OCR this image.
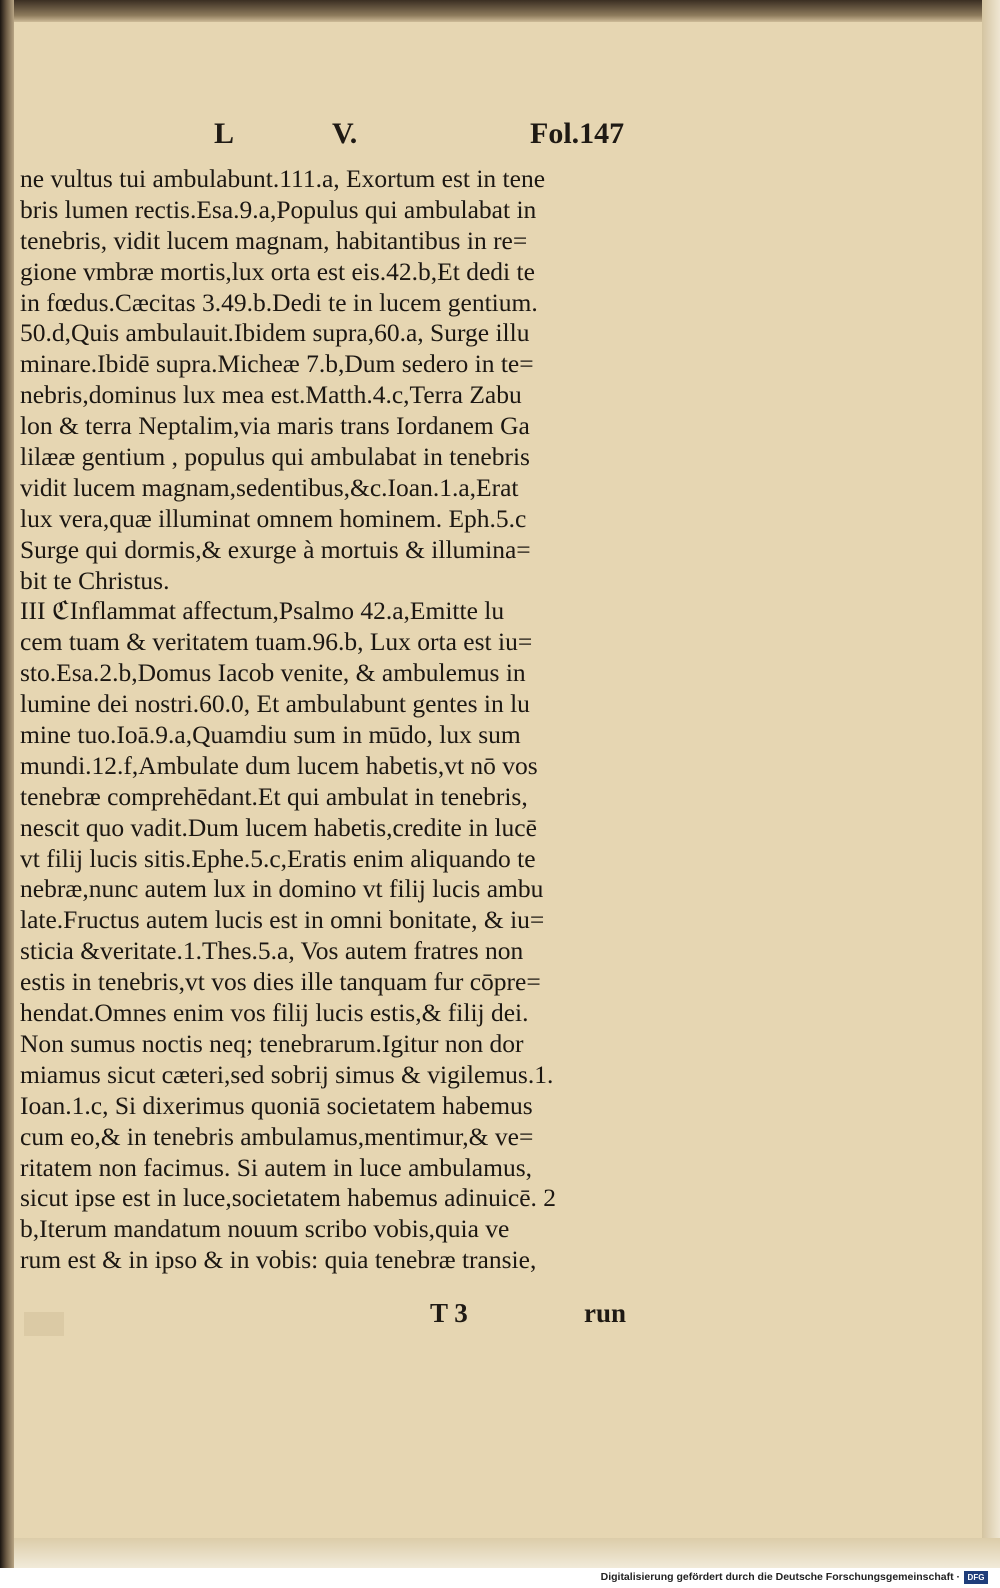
L	V.	Fol.147
ne vultus tui ambulabunt.111.a, Exortum est in tene
bris lumen rectis.Esa.9.a,Populus qui ambulabat in
tenebris, vidit lucem magnam, habitantibus in re=
gione vmbræ mortis,lux orta est eis.42.b,Et dedi te
in fœdus.Cæcitas 3.49.b.Dedi te in lucem gentium.
50.d,Quis ambulauit.Ibidem supra,60.a, Surge illu
minare.Ibidē supra.Micheæ 7.b,Dum sedero in te=
nebris,dominus lux mea est.Matth.4.c,Terra Zabu
lon & terra Neptalim,via maris trans Iordanem Ga
lilææ gentium , populus qui ambulabat in tenebris
vidit lucem magnam,sedentibus,&c.Ioan.1.a,Erat
lux vera,quæ illuminat omnem hominem. Eph.5.c
Surge qui dormis,& exurge à mortuis & illumina=
bit te Christus.
III ℭInflammat affectum,Psalmo 42.a,Emitte lu
cem tuam & veritatem tuam.96.b, Lux orta est iu=
sto.Esa.2.b,Domus Iacob venite, & ambulemus in
lumine dei nostri.60.0, Et ambulabunt gentes in lu
mine tuo.Ioā.9.a,Quamdiu sum in mūdo, lux sum
mundi.12.f,Ambulate dum lucem habetis,vt nō vos
tenebræ comprehēdant.Et qui ambulat in tenebris,
nescit quo vadit.Dum lucem habetis,credite in lucē
vt filij lucis sitis.Ephe.5.c,Eratis enim aliquando te
nebræ,nunc autem lux in domino vt filij lucis ambu
late.Fructus autem lucis est in omni bonitate, & iu=
sticia &veritate.1.Thes.5.a, Vos autem fratres non
estis in tenebris,vt vos dies ille tanquam fur cōpre=
hendat.Omnes enim vos filij lucis estis,& filij dei.
Non sumus noctis neq; tenebrarum.Igitur non dor
miamus sicut cæteri,sed sobrij simus & vigilemus.1.
Ioan.1.c, Si dixerimus quoniā societatem habemus
cum eo,& in tenebris ambulamus,mentimur,& ve=
ritatem non facimus. Si autem in luce ambulamus,
sicut ipse est in luce,societatem habemus adinuicē. 2
b,Iterum mandatum nouum scribo vobis,quia ve
rum est & in ipso & in vobis: quia tenebræ transie,
T 3	run
Digitalisierung gefördert durch die Deutsche Forschungsgemeinschaft · DFG
